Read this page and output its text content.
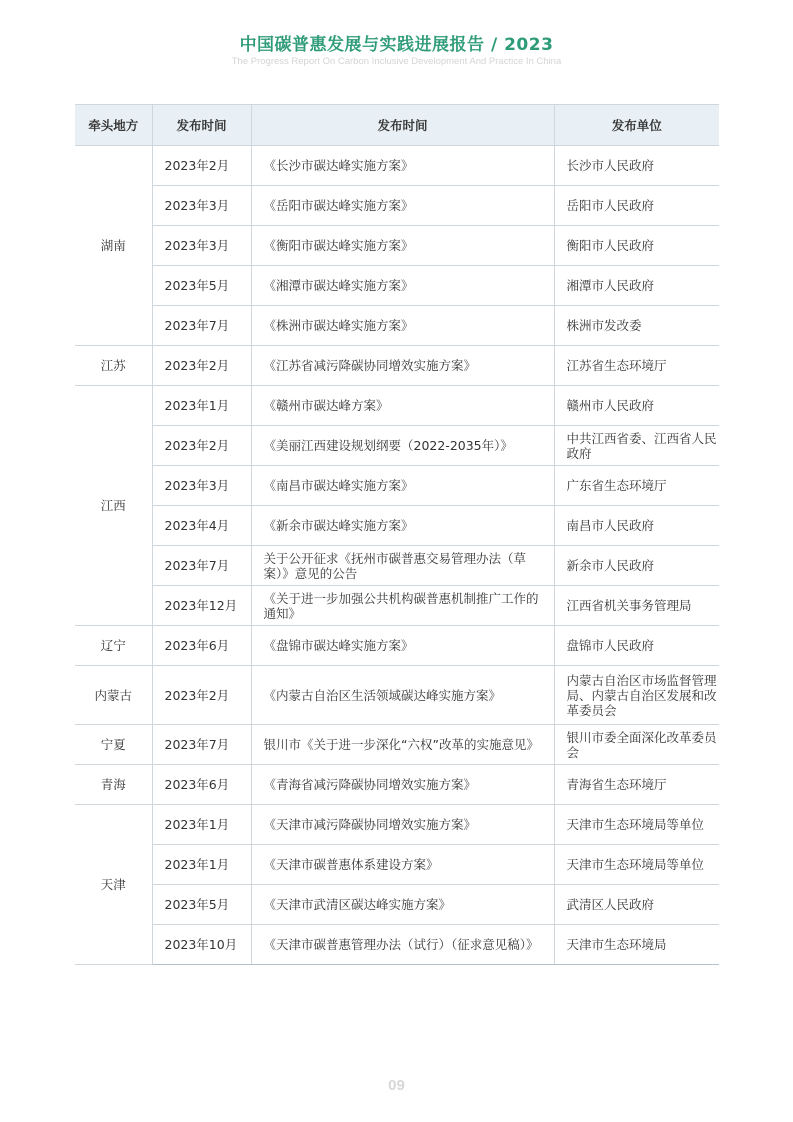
中国碳普惠发展与实践进展报告 / 2023
The Progress Report On Carbon Inclusive Development And Practice In China
牵头地方	发布时间	发布时间	发布单位
湖南	2023年2月	《长沙市碳达峰实施方案》	长沙市人民政府
	2023年3月	《岳阳市碳达峰实施方案》	岳阳市人民政府
	2023年3月	《衡阳市碳达峰实施方案》	衡阳市人民政府
	2023年5月	《湘潭市碳达峰实施方案》	湘潭市人民政府
	2023年7月	《株洲市碳达峰实施方案》	株洲市发改委
江苏	2023年2月	《江苏省减污降碳协同增效实施方案》	江苏省生态环境厅
江西	2023年1月	《赣州市碳达峰方案》	赣州市人民政府
	2023年2月	《美丽江西建设规划纲要（2022-2035年）》	中共江西省委、江西省人民政府
	2023年3月	《南昌市碳达峰实施方案》	广东省生态环境厅
	2023年4月	《新余市碳达峰实施方案》	南昌市人民政府
	2023年7月	关于公开征求《抚州市碳普惠交易管理办法（草案）》意见的公告	新余市人民政府
	2023年12月	《关于进一步加强公共机构碳普惠机制推广工作的通知》	江西省机关事务管理局
辽宁	2023年6月	《盘锦市碳达峰实施方案》	盘锦市人民政府
内蒙古	2023年2月	《内蒙古自治区生活领域碳达峰实施方案》	内蒙古自治区市场监督管理局、内蒙古自治区发展和改革委员会
宁夏	2023年7月	银川市《关于进一步深化“六权”改革的实施意见》	银川市委全面深化改革委员会
青海	2023年6月	《青海省减污降碳协同增效实施方案》	青海省生态环境厅
天津	2023年1月	《天津市减污降碳协同增效实施方案》	天津市生态环境局等单位
	2023年1月	《天津市碳普惠体系建设方案》	天津市生态环境局等单位
	2023年5月	《天津市武清区碳达峰实施方案》	武清区人民政府
	2023年10月	《天津市碳普惠管理办法（试行）（征求意见稿）》	天津市生态环境局
09
